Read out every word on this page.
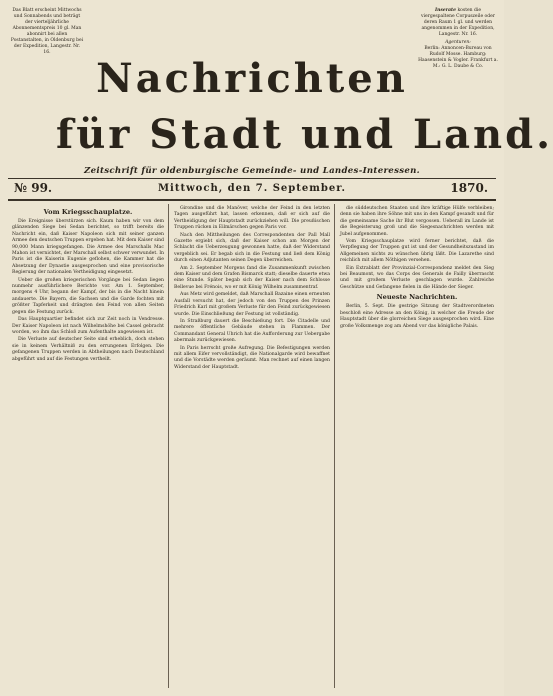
Das Blatt erscheint Mittwochs und Sonnabends und beträgt der vierteljährliche Abonnementspreis 10 gl. Man abonnirt bei allen Postanstalten, in Oldenburg bei der Expedition, Langestr. Nr. 16.
Inserate kosten die viergespaltene Corpuszeile oder deren Raum 1 gl. und werden angenommen in der Expedition, Langestr. Nr. 16.
Agenturen:
Berlin: Annoncen-Bureau von Rudolf Mosse. Hamburg: Haasenstein & Vogler. Frankfurt a. M.: G. L. Daube & Co.
Nachrichten
für Stadt und Land.
Zeitschrift für oldenburgische Gemeinde- und Landes-Interessen.
№ 99.	Mittwoch, den 7. September.	1870.
Vom Kriegsschauplatze.

Die Ereignisse überstürzen sich. Kaum haben wir von dem glänzenden Siege bei Sedan berichtet, so trifft bereits die Nachricht ein, daß Kaiser Napoleon sich mit seiner ganzen Armee den deutschen Truppen ergeben hat. Mit dem Kaiser sind 90,000 Mann kriegsgefangen. Die Armee des Marschalls Mac Mahon ist vernichtet, der Marschall selbst schwer verwundet. In Paris ist die Kaiserin Eugenie geflohen, die Kammer hat die Absetzung der Dynastie ausgesprochen und eine provisorische Regierung der nationalen Vertheidigung eingesetzt.

Ueber die großen kriegerischen Vorgänge bei Sedan liegen nunmehr ausführlichere Berichte vor. Am 1. September, morgens 4 Uhr, begann der Kampf, der bis in die Nacht hinein andauerte. Die Bayern, die Sachsen und die Garde fochten mit größter Tapferkeit und drängten den Feind von allen Seiten gegen die Festung zurück.

Das Hauptquartier befindet sich zur Zeit noch in Vendresse. Der Kaiser Napoleon ist nach Wilhelmshöhe bei Cassel gebracht worden, wo ihm das Schloß zum Aufenthalte angewiesen ist.

Die Verluste auf deutscher Seite sind erheblich, doch stehen sie in keinem Verhältniß zu den errungenen Erfolgen. Die gefangenen Truppen werden in Abtheilungen nach Deutschland abgeführt und auf die Festungen vertheilt.

Girondine und die Manöver, welche der Feind in den letzten Tagen ausgeführt hat, lassen erkennen, daß er sich auf die Vertheidigung der Hauptstadt zurückziehen will. Die preußischen Truppen rücken in Eilmärschen gegen Paris vor.

Nach den Mittheilungen des Correspondenten der Pall Mall Gazette ergiebt sich, daß der Kaiser schon am Morgen der Schlacht die Ueberzeugung gewonnen hatte, daß der Widerstand vergeblich sei. Er begab sich in die Festung und ließ dem König durch einen Adjutanten seinen Degen überreichen.

Am 2. September Morgens fand die Zusammenkunft zwischen dem Kaiser und dem Grafen Bismarck statt; dieselbe dauerte etwa eine Stunde. Später begab sich der Kaiser nach dem Schlosse Bellevue bei Frénois, wo er mit König Wilhelm zusammentraf.

Aus Metz wird gemeldet, daß Marschall Bazaine einen erneuten Ausfall versucht hat, der jedoch von den Truppen des Prinzen Friedrich Karl mit großem Verluste für den Feind zurückgewiesen wurde. Die Einschließung der Festung ist vollständig.

In Straßburg dauert die Beschießung fort. Die Citadelle und mehrere öffentliche Gebäude stehen in Flammen. Der Commandant General Uhrich hat die Aufforderung zur Uebergabe abermals zurückgewiesen.

In Paris herrscht große Aufregung. Die Befestigungen werden mit allem Eifer vervollständigt, die Nationalgarde wird bewaffnet und die Vorstädte werden geräumt. Man rechnet auf einen langen Widerstand der Hauptstadt.

die süddeutschen Staaten und ihre kräftige Hülfe verbleiben; denn sie haben ihre Söhne mit uns in den Kampf gesandt und für die gemeinsame Sache ihr Blut vergossen. Ueberall im Lande ist die Begeisterung groß und die Siegesnachrichten werden mit Jubel aufgenommen.

Vom Kriegsschauplatze wird ferner berichtet, daß die Verpflegung der Truppen gut ist und der Gesundheitszustand im Allgemeinen nichts zu wünschen übrig läßt. Die Lazarethe sind reichlich mit allem Nöthigen versehen.

Ein Extrablatt der Provinzial-Correspondenz meldet den Sieg bei Beaumont, wo das Corps des Generals de Failly überrascht und mit großem Verluste geschlagen wurde. Zahlreiche Geschütze und Gefangene fielen in die Hände der Sieger.

Neueste Nachrichten.

Berlin, 5. Sept. Die gestrige Sitzung der Stadtverordneten beschloß eine Adresse an den König, in welcher die Freude der Hauptstadt über die glorreichen Siege ausgesprochen wird. Eine große Volksmenge zog am Abend vor das königliche Palais.
